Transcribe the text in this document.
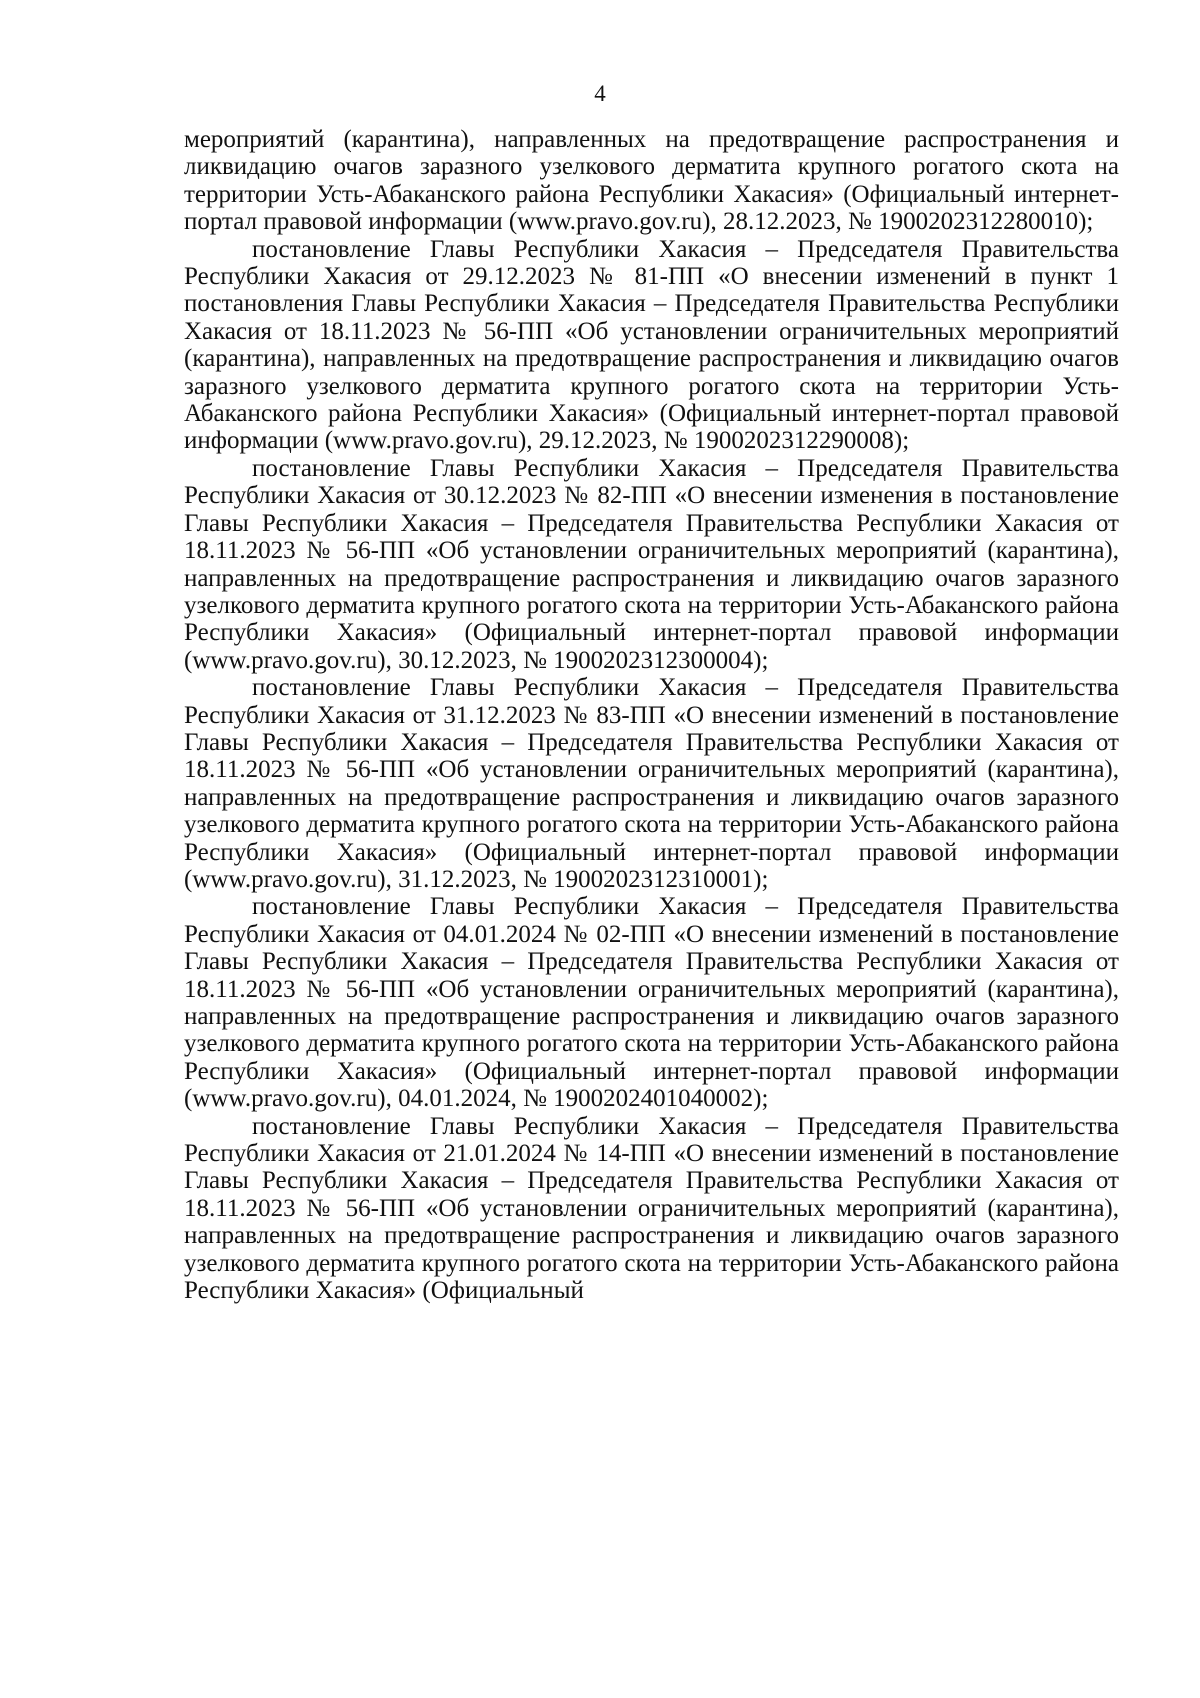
4

мероприятий (карантина), направленных на предотвращение распространения и ликвидацию очагов заразного узелкового дерматита крупного рогатого скота на территории Усть-Абаканского района Республики Хакасия» (Официальный интернет-портал правовой информации (www.pravo.gov.ru), 28.12.2023, № 1900202312280010);

постановление Главы Республики Хакасия – Председателя Правительства Республики Хакасия от 29.12.2023 № 81-ПП «О внесении изменений в пункт 1 постановления Главы Республики Хакасия – Председателя Правительства Республики Хакасия от 18.11.2023 № 56-ПП «Об установлении ограничительных мероприятий (карантина), направленных на предотвращение распространения и ликвидацию очагов заразного узелкового дерматита крупного рогатого скота на территории Усть-Абаканского района Республики Хакасия» (Официальный интернет-портал правовой информации (www.pravo.gov.ru), 29.12.2023, № 1900202312290008);

постановление Главы Республики Хакасия – Председателя Правительства Республики Хакасия от 30.12.2023 № 82-ПП «О внесении изменения в постановление Главы Республики Хакасия – Председателя Правительства Республики Хакасия от 18.11.2023 № 56-ПП «Об установлении ограничительных мероприятий (карантина), направленных на предотвращение распространения и ликвидацию очагов заразного узелкового дерматита крупного рогатого скота на территории Усть-Абаканского района Республики Хакасия» (Официальный интернет-портал правовой информации (www.pravo.gov.ru), 30.12.2023, № 1900202312300004);

постановление Главы Республики Хакасия – Председателя Правительства Республики Хакасия от 31.12.2023 № 83-ПП «О внесении изменений в постановление Главы Республики Хакасия – Председателя Правительства Республики Хакасия от 18.11.2023 № 56-ПП «Об установлении ограничительных мероприятий (карантина), направленных на предотвращение распространения и ликвидацию очагов заразного узелкового дерматита крупного рогатого скота на территории Усть-Абаканского района Республики Хакасия» (Официальный интернет-портал правовой информации (www.pravo.gov.ru), 31.12.2023, № 1900202312310001);

постановление Главы Республики Хакасия – Председателя Правительства Республики Хакасия от 04.01.2024 № 02-ПП «О внесении изменений в постановление Главы Республики Хакасия – Председателя Правительства Республики Хакасия от 18.11.2023 № 56-ПП «Об установлении ограничительных мероприятий (карантина), направленных на предотвращение распространения и ликвидацию очагов заразного узелкового дерматита крупного рогатого скота на территории Усть-Абаканского района Республики Хакасия» (Официальный интернет-портал правовой информации (www.pravo.gov.ru), 04.01.2024, № 1900202401040002);

постановление Главы Республики Хакасия – Председателя Правительства Республики Хакасия от 21.01.2024 № 14-ПП «О внесении изменений в постановление Главы Республики Хакасия – Председателя Правительства Республики Хакасия от 18.11.2023 № 56-ПП «Об установлении ограничительных мероприятий (карантина), направленных на предотвращение распространения и ликвидацию очагов заразного узелкового дерматита крупного рогатого скота на территории Усть-Абаканского района Республики Хакасия» (Официальный
